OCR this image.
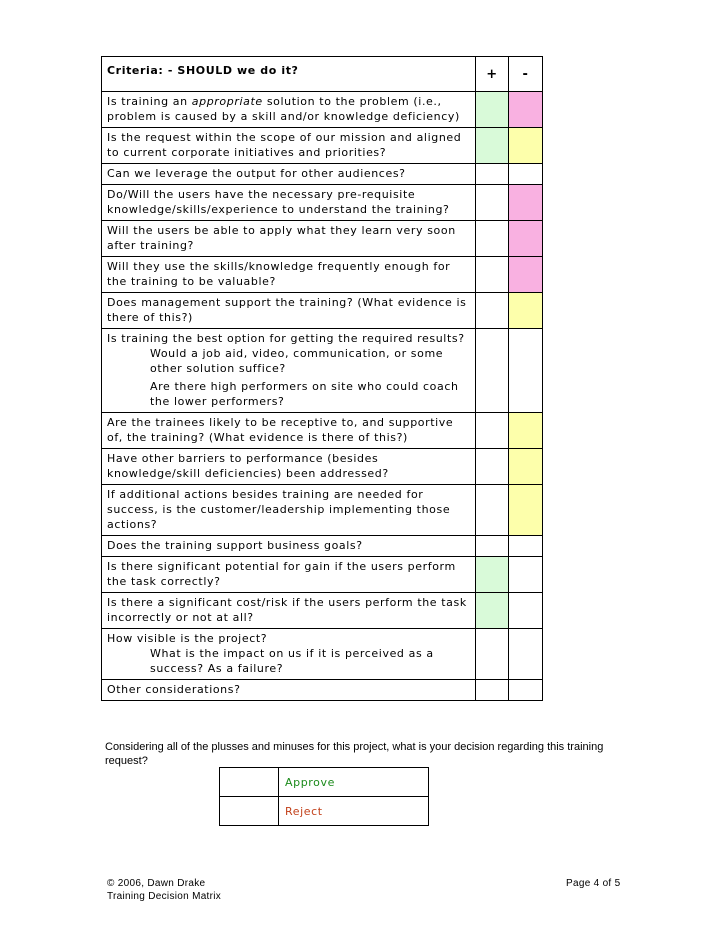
Criteria: - SHOULD we do it?	+	-
Is training an appropriate solution to the problem (i.e., problem is caused by a skill and/or knowledge deficiency)		
Is the request within the scope of our mission and aligned to current corporate initiatives and priorities?		
Can we leverage the output for other audiences?		
Do/Will the users have the necessary pre-requisite knowledge/skills/experience to understand the training?		
Will the users be able to apply what they learn very soon after training?		
Will they use the skills/knowledge frequently enough for the training to be valuable?		
Does management support the training? (What evidence is there of this?)		

Is training the best option for getting the required results?
Would a job aid, video, communication, or some other solution suffice?
Are there high performers on site who could coach the lower performers?		

Are the trainees likely to be receptive to, and supportive of, the training? (What evidence is there of this?)		
Have other barriers to performance (besides knowledge/skill deficiencies) been addressed?		
If additional actions besides training are needed for success, is the customer/leadership implementing those actions?		
Does the training support business goals?		
Is there significant potential for gain if the users perform the task correctly?		
Is there a significant cost/risk if the users perform the task incorrectly or not at all?		

How visible is the project?
What is the impact on us if it is perceived as a success? As a failure?		

Other considerations?		
Considering all of the plusses and minuses for this project, what is your decision regarding this training request?
	Approve
	Reject
© 2006, Dawn Drake
Training Decision Matrix
Page 4 of 5
